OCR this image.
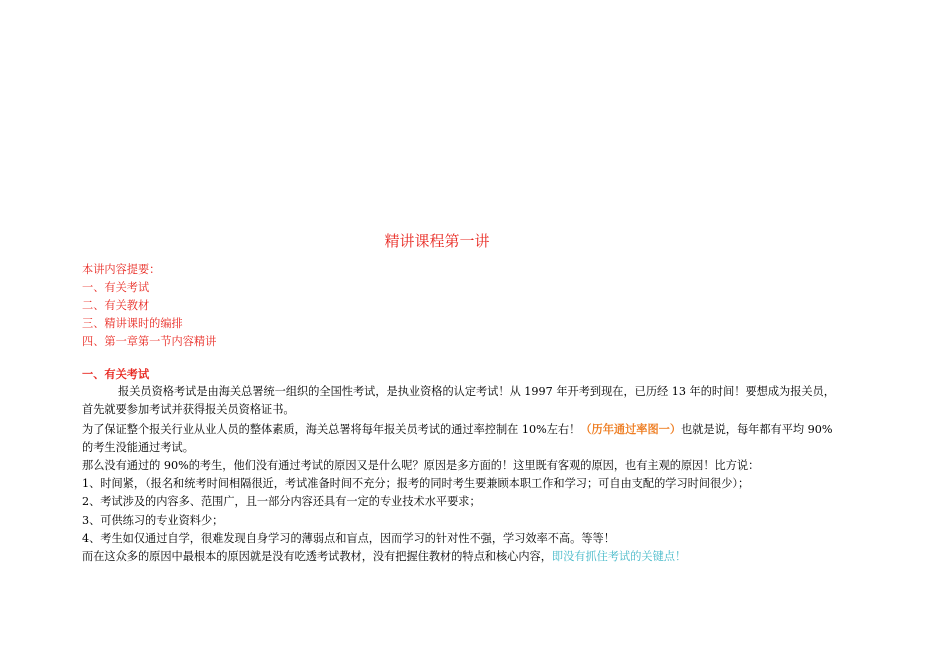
精讲课程第一讲
本讲内容提要：
一、有关考试
二、有关教材
三、精讲课时的编排
四、第一章第一节内容精讲
一、有关考试
报关员资格考试是由海关总署统一组织的全国性考试，是执业资格的认定考试！从 1997 年开考到现在，已历经 13 年的时间！要想成为报关员，
首先就要参加考试并获得报关员资格证书。
为了保证整个报关行业从业人员的整体素质，海关总署将每年报关员考试的通过率控制在 10%左右！（历年通过率图一）也就是说，每年都有平均 90%
的考生没能通过考试。
那么没有通过的 90%的考生，他们没有通过考试的原因又是什么呢？原因是多方面的！这里既有客观的原因，也有主观的原因！比方说：
1、时间紧，（报名和统考时间相隔很近，考试准备时间不充分；报考的同时考生要兼顾本职工作和学习；可自由支配的学习时间很少）；
2、考试涉及的内容多、范围广，且一部分内容还具有一定的专业技术水平要求；
3、可供练习的专业资料少；
4、考生如仅通过自学，很难发现自身学习的薄弱点和盲点，因而学习的针对性不强，学习效率不高。等等！
而在这众多的原因中最根本的原因就是没有吃透考试教材，没有把握住教材的特点和核心内容，即没有抓住考试的关键点！
